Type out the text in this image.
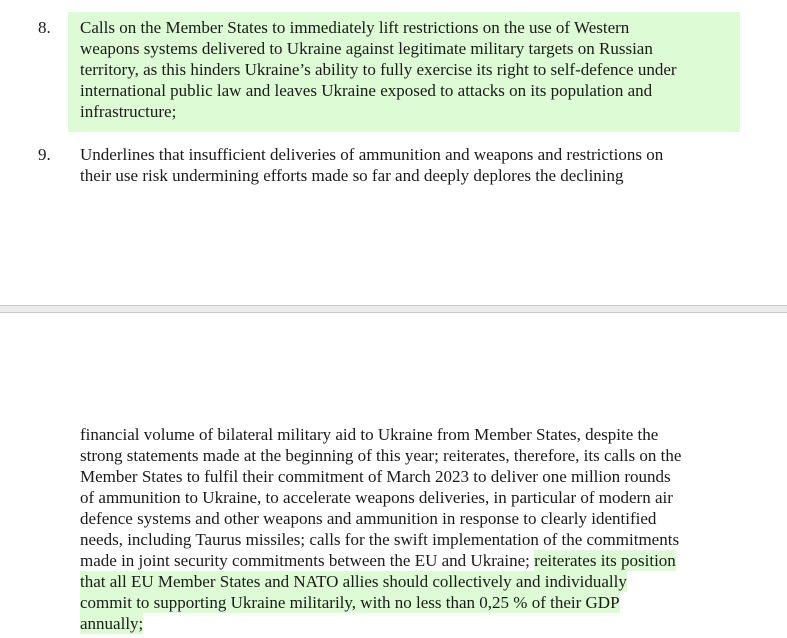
8. Calls on the Member States to immediately lift restrictions on the use of Western
weapons systems delivered to Ukraine against legitimate military targets on Russian
territory, as this hinders Ukraine’s ability to fully exercise its right to self-defence under
international public law and leaves Ukraine exposed to attacks on its population and
infrastructure;

9. Underlines that insufficient deliveries of ammunition and weapons and restrictions on
their use risk undermining efforts made so far and deeply deplores the declining

financial volume of bilateral military aid to Ukraine from Member States, despite the
strong statements made at the beginning of this year; reiterates, therefore, its calls on the
Member States to fulfil their commitment of March 2023 to deliver one million rounds
of ammunition to Ukraine, to accelerate weapons deliveries, in particular of modern air
defence systems and other weapons and ammunition in response to clearly identified
needs, including Taurus missiles; calls for the swift implementation of the commitments
made in joint security commitments between the EU and Ukraine; reiterates its position
that all EU Member States and NATO allies should collectively and individually
commit to supporting Ukraine militarily, with no less than 0,25 % of their GDP
annually;
